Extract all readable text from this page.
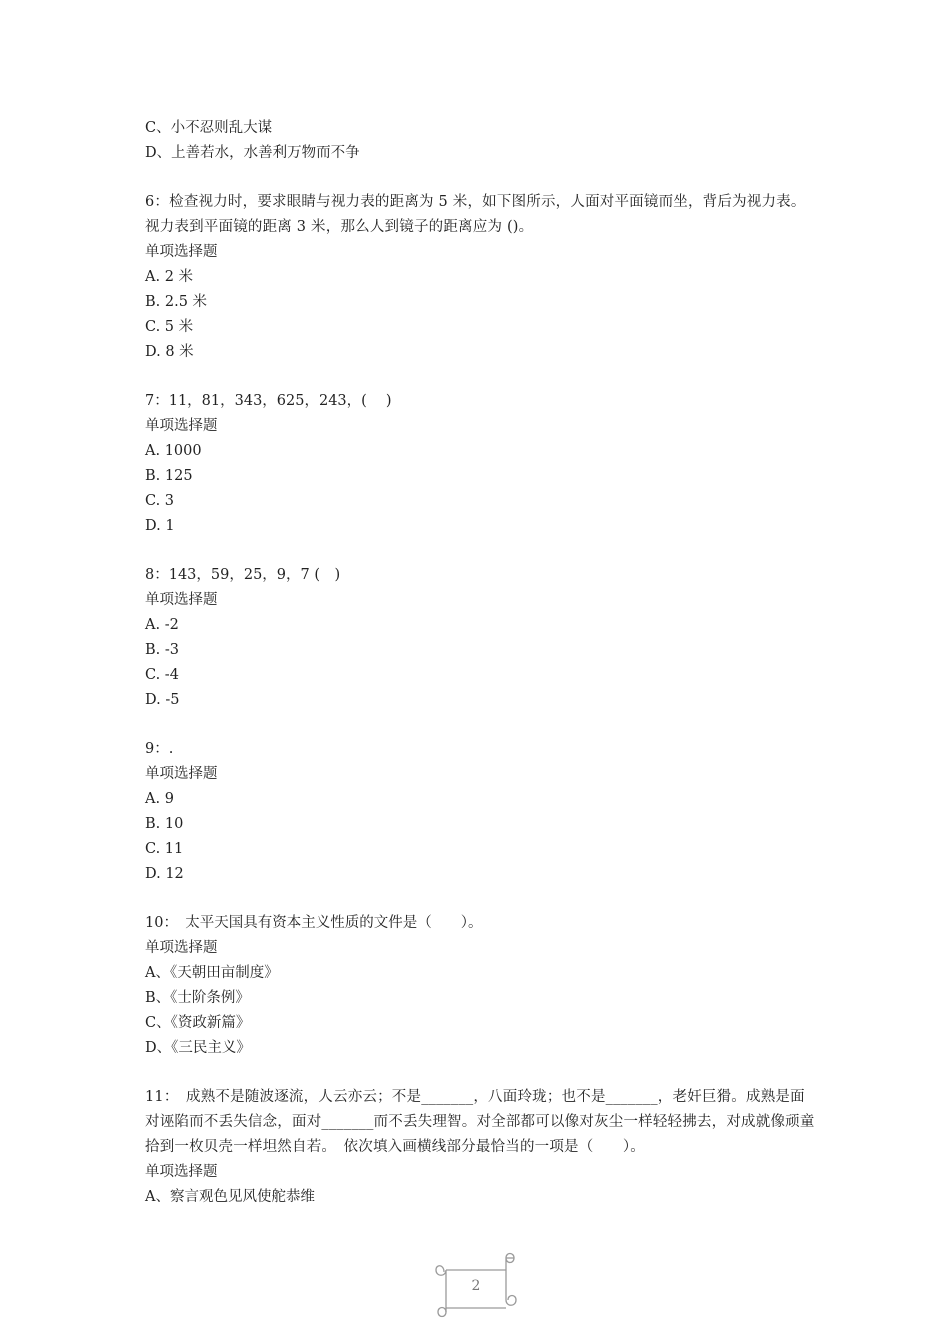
C、小不忍则乱大谋
D、上善若水，水善利万物而不争
6：检查视力时，要求眼睛与视力表的距离为 5 米，如下图所示，人面对平面镜而坐，背后为视力表。视力表到平面镜的距离 3 米，那么人到镜子的距离应为 ()。
单项选择题
A. 2 米
B. 2.5 米
C. 5 米
D. 8 米
7：11，81，343，625，243，(　 )
单项选择题
A. 1000
B. 125
C. 3
D. 1
8：143，59，25，9，7 (　)
单项选择题
A. -2
B. -3
C. -4
D. -5
9：.
单项选择题
A. 9
B. 10
C. 11
D. 12
10：　太平天国具有资本主义性质的文件是（　　）。
单项选择题
A、《天朝田亩制度》
B、《士阶条例》
C、《资政新篇》
D、《三民主义》
11：　成熟不是随波逐流，人云亦云；不是_______，八面玲珑；也不是_______，老奸巨猾。成熟是面对诬陷而不丢失信念，面对_______而不丢失理智。对全部都可以像对灰尘一样轻轻拂去，对成就像顽童拾到一枚贝壳一样坦然自若。　依次填入画横线部分最恰当的一项是（　　）。
单项选择题
A、察言观色见风使舵恭维
2
